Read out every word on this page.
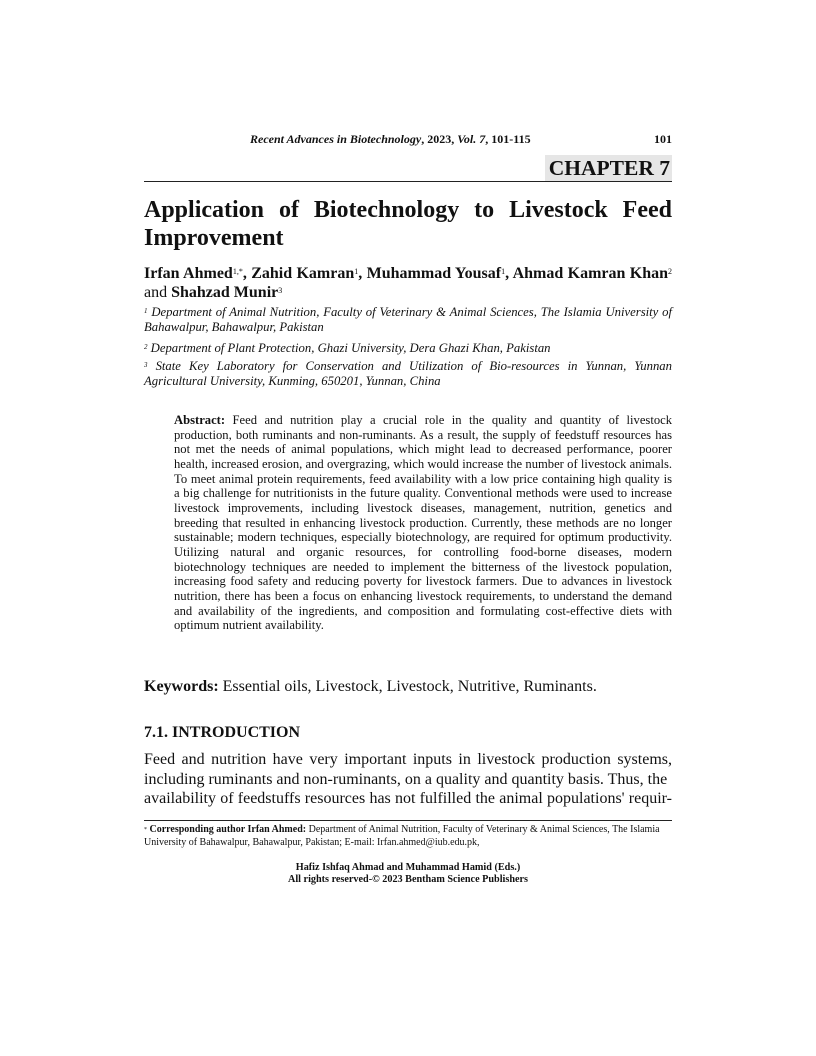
Recent Advances in Biotechnology, 2023, Vol. 7, 101-115	101
CHAPTER 7
Application of Biotechnology to Livestock Feed Improvement
Irfan Ahmed$^{1,*}$, Zahid Kamran$^1$, Muhammad Yousaf$^1$, Ahmad Kamran Khan$^2$ and Shahzad Munir$^3$
$^1$ Department of Animal Nutrition, Faculty of Veterinary & Animal Sciences, The Islamia University of Bahawalpur, Bahawalpur, Pakistan
$^2$ Department of Plant Protection, Ghazi University, Dera Ghazi Khan, Pakistan
$^3$ State Key Laboratory for Conservation and Utilization of Bio-resources in Yunnan, Yunnan Agricultural University, Kunming, 650201, Yunnan, China
Abstract: Feed and nutrition play a crucial role in the quality and quantity of livestock production, both ruminants and non-ruminants. As a result, the supply of feedstuff resources has not met the needs of animal populations, which might lead to decreased performance, poorer health, increased erosion, and overgrazing, which would increase the number of livestock animals. To meet animal protein requirements, feed availability with a low price containing high quality is a big challenge for nutritionists in the future quality. Conventional methods were used to increase livestock improvements, including livestock diseases, management, nutrition, genetics and breeding that resulted in enhancing livestock production. Currently, these methods are no longer sustainable; modern techniques, especially biotechnology, are required for optimum productivity. Utilizing natural and organic resources, for controlling food-borne diseases, modern biotechnology techniques are needed to implement the bitterness of the livestock population, increasing food safety and reducing poverty for livestock farmers. Due to advances in livestock nutrition, there has been a focus on enhancing livestock requirements, to understand the demand and availability of the ingredients, and composition and formulating cost-effective diets with optimum nutrient availability.
Keywords: Essential oils, Livestock, Livestock, Nutritive, Ruminants.
7.1. INTRODUCTION
Feed and nutrition have very important inputs in livestock production systems, including ruminants and non-ruminants, on a quality and quantity basis. Thus, the
availability of feedstuffs resources has not fulfilled the animal populations' requir-
* Corresponding author Irfan Ahmed: Department of Animal Nutrition, Faculty of Veterinary & Animal Sciences, The Islamia University of Bahawalpur, Bahawalpur, Pakistan; E-mail: Irfan.ahmed@iub.edu.pk,
Hafiz Ishfaq Ahmad and Muhammad Hamid (Eds.)
All rights reserved-© 2023 Bentham Science Publishers
